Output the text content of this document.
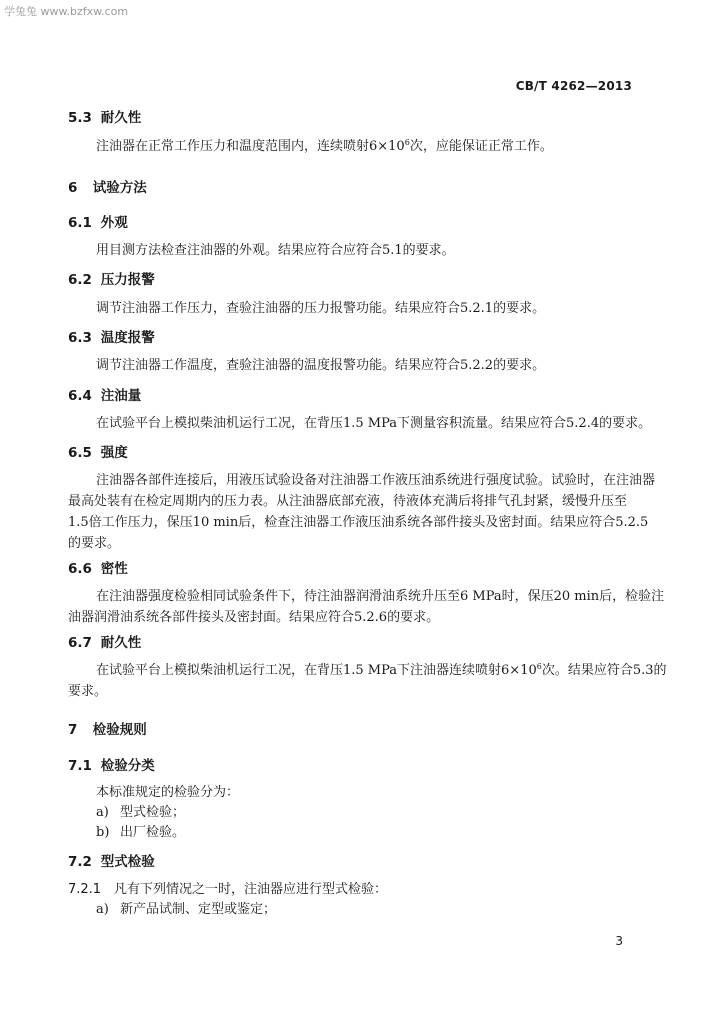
学兔兔 www.bzfxw.com
CB/T 4262—2013
5.3 耐久性
注油器在正常工作压力和温度范围内，连续喷射$6\times 10^6$次，应能保证正常工作。
6 试验方法
6.1 外观
用目测方法检查注油器的外观。结果应符合应符合5.1的要求。
6.2 压力报警
调节注油器工作压力，查验注油器的压力报警功能。结果应符合5.2.1的要求。
6.3 温度报警
调节注油器工作温度，查验注油器的温度报警功能。结果应符合5.2.2的要求。
6.4 注油量
在试验平台上模拟柴油机运行工况，在背压1.5 MPa下测量容积流量。结果应符合5.2.4的要求。
6.5 强度
注油器各部件连接后，用液压试验设备对注油器工作液压油系统进行强度试验。试验时，在注油器
最高处装有在检定周期内的压力表。从注油器底部充液，待液体充满后将排气孔封紧，缓慢升压至
1.5倍工作压力，保压10 min后，检查注油器工作液压油系统各部件接头及密封面。结果应符合5.2.5
的要求。
6.6 密性
在注油器强度检验相同试验条件下，待注油器润滑油系统升压至6 MPa时，保压20 min后，检验注
油器润滑油系统各部件接头及密封面。结果应符合5.2.6的要求。
6.7 耐久性
在试验平台上模拟柴油机运行工况，在背压1.5 MPa下注油器连续喷射$6\times 10^6$次。结果应符合5.3的
要求。
7 检验规则
7.1 检验分类
本标准规定的检验分为：
a) 型式检验；
b) 出厂检验。
7.2 型式检验
7.2.1 凡有下列情况之一时，注油器应进行型式检验：
a) 新产品试制、定型或鉴定；
3
